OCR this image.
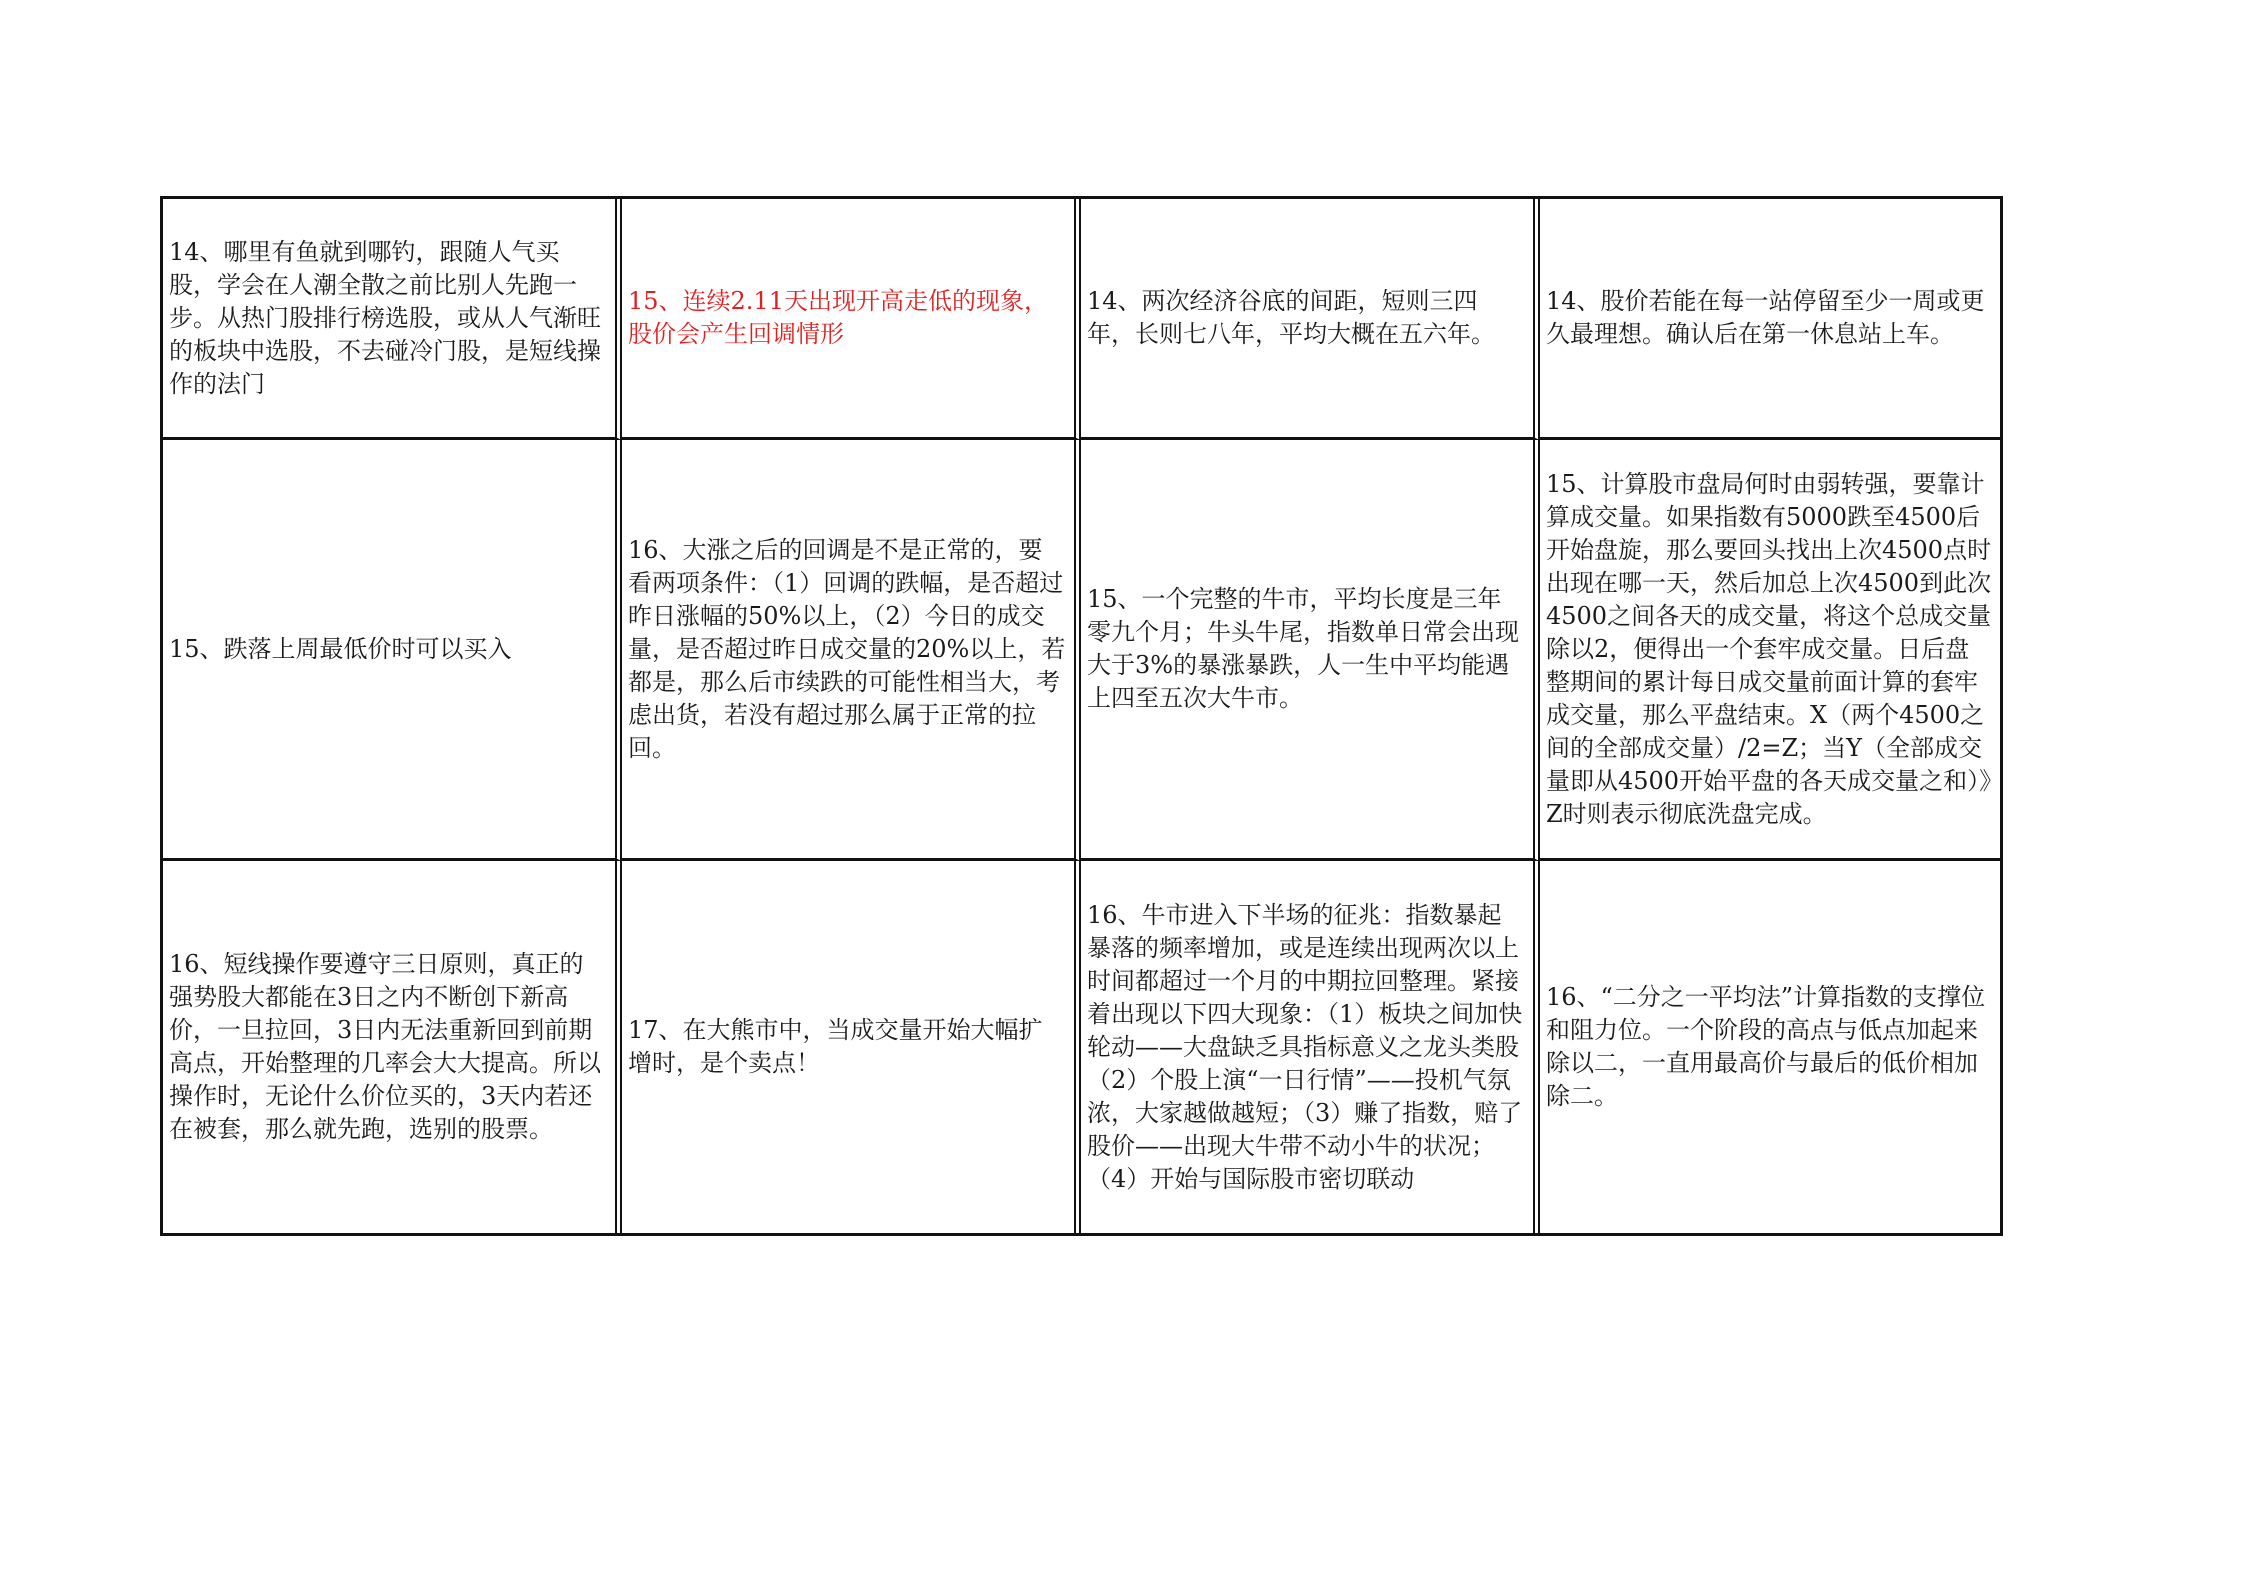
14、哪里有鱼就到哪钓，跟随人气买股，学会在人潮全散之前比别人先跑一步。从热门股排行榜选股，或从人气渐旺的板块中选股，不去碰冷门股，是短线操作的法门
15、连续2.11天出现开高走低的现象，股价会产生回调情形
14、两次经济谷底的间距，短则三四年，长则七八年，平均大概在五六年。
14、股价若能在每一站停留至少一周或更久最理想。确认后在第一休息站上车。
15、跌落上周最低价时可以买入
16、大涨之后的回调是不是正常的，要看两项条件：（1）回调的跌幅，是否超过昨日涨幅的50%以上，（2）今日的成交量，是否超过昨日成交量的20%以上，若都是，那么后市续跌的可能性相当大，考虑出货，若没有超过那么属于正常的拉回。
15、一个完整的牛市，平均长度是三年零九个月；牛头牛尾，指数单日常会出现大于3%的暴涨暴跌，人一生中平均能遇上四至五次大牛市。
15、计算股市盘局何时由弱转强，要靠计算成交量。如果指数有5000跌至4500后开始盘旋，那么要回头找出上次4500点时出现在哪一天，然后加总上次4500到此次4500之间各天的成交量，将这个总成交量除以2，便得出一个套牢成交量。日后盘整期间的累计每日成交量前面计算的套牢成交量，那么平盘结束。X（两个4500之间的全部成交量）/2=Z；当Y（全部成交量即从4500开始平盘的各天成交量之和）》Z时则表示彻底洗盘完成。
16、短线操作要遵守三日原则，真正的强势股大都能在3日之内不断创下新高价，一旦拉回，3日内无法重新回到前期高点，开始整理的几率会大大提高。所以操作时，无论什么价位买的，3天内若还在被套，那么就先跑，选别的股票。
17、在大熊市中，当成交量开始大幅扩增时，是个卖点！
16、牛市进入下半场的征兆：指数暴起暴落的频率增加，或是连续出现两次以上时间都超过一个月的中期拉回整理。紧接着出现以下四大现象：（1）板块之间加快轮动——大盘缺乏具指标意义之龙头类股（2）个股上演“一日行情”——投机气氛浓，大家越做越短；（3）赚了指数，赔了股价——出现大牛带不动小牛的状况；（4）开始与国际股市密切联动
16、“二分之一平均法”计算指数的支撑位和阻力位。一个阶段的高点与低点加起来除以二，一直用最高价与最后的低价相加除二。
